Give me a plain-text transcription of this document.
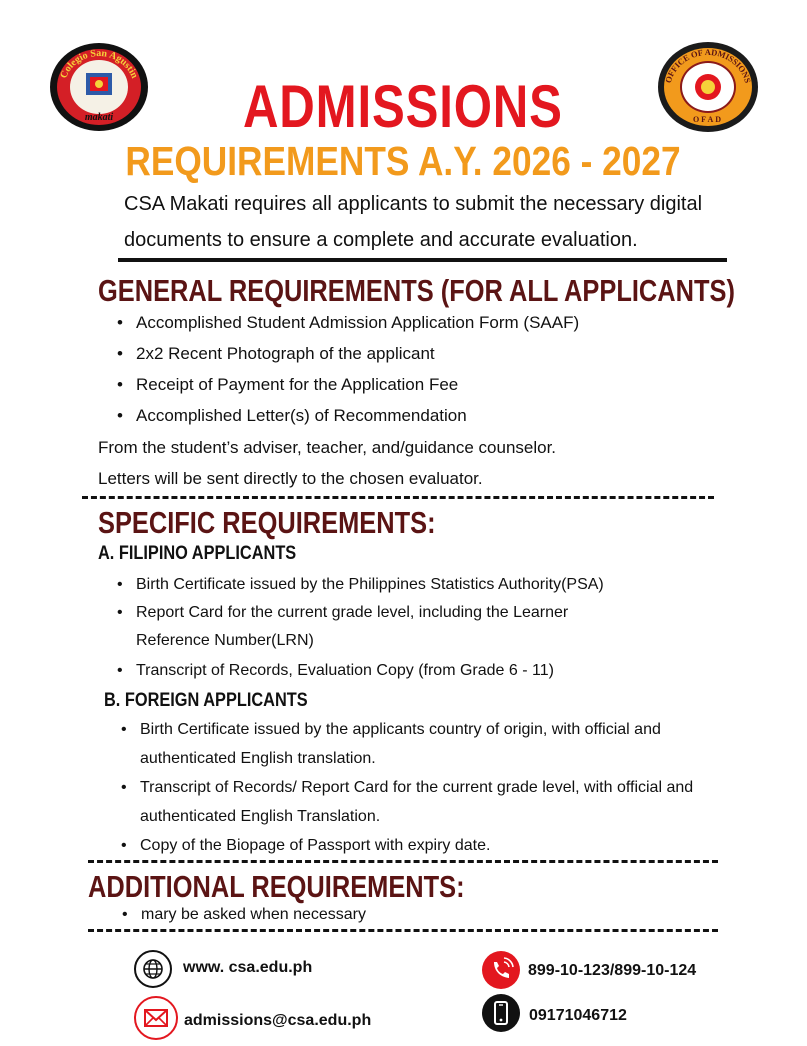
Colegio San Agustin
makati
OFFICE OF ADMISSIONS
OFAD
ADMISSIONS
REQUIREMENTS A.Y. 2026 - 2027
CSA Makati requires all applicants to submit the necessary digital
documents to ensure a complete and accurate evaluation.
GENERAL REQUIREMENTS (FOR ALL APPLICANTS)
• Accomplished Student Admission Application Form (SAAF)
• 2x2 Recent Photograph of the applicant
• Receipt of Payment for the Application Fee
• Accomplished Letter(s) of Recommendation
From the student’s adviser, teacher, and/guidance counselor.
Letters will be sent directly to the chosen evaluator.
SPECIFIC REQUIREMENTS:
A. FILIPINO APPLICANTS
• Birth Certificate issued by the Philippines Statistics Authority(PSA)
• Report Card for the current grade level, including the Learner
Reference Number(LRN)
• Transcript of Records, Evaluation Copy (from Grade 6 - 11)
B. FOREIGN APPLICANTS
• Birth Certificate issued by the applicants country of origin, with official and
authenticated English translation.
• Transcript of Records/ Report Card for the current grade level, with official and
authenticated English Translation.
• Copy of the Biopage of Passport with expiry date.
ADDITIONAL REQUIREMENTS:
• mary be asked when necessary
www. csa.edu.ph
admissions@csa.edu.ph
899-10-123/899-10-124
09171046712
